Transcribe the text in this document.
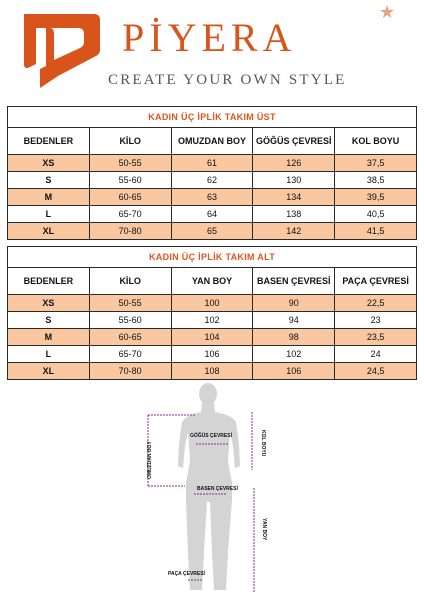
PİYERA
★
CREATE YOUR OWN STYLE
KADIN ÜÇ İPLİK TAKIM ÜST				
BEDENLER	KİLO	OMUZDAN BOY	GÖĞÜS ÇEVRESİ	KOL BOYU
XS	50-55	61	126	37,5
S	55-60	62	130	38,5
M	60-65	63	134	39,5
L	65-70	64	138	40,5
XL	70-80	65	142	41,5
KADIN ÜÇ İPLİK TAKIM ALT				
BEDENLER	KİLO	YAN BOY	BASEN ÇEVRESİ	PAÇA ÇEVRESİ
XS	50-55	100	90	22,5
S	55-60	102	94	23
M	60-65	104	98	23,5
L	65-70	106	102	24
XL	70-80	108	106	24,5
OMUZDAN BOY
GÖĞÜS ÇEVRESİ	KOL BOYU
BASEN ÇEVRESİ
YAN BOY
PAÇA ÇEVRESİ
